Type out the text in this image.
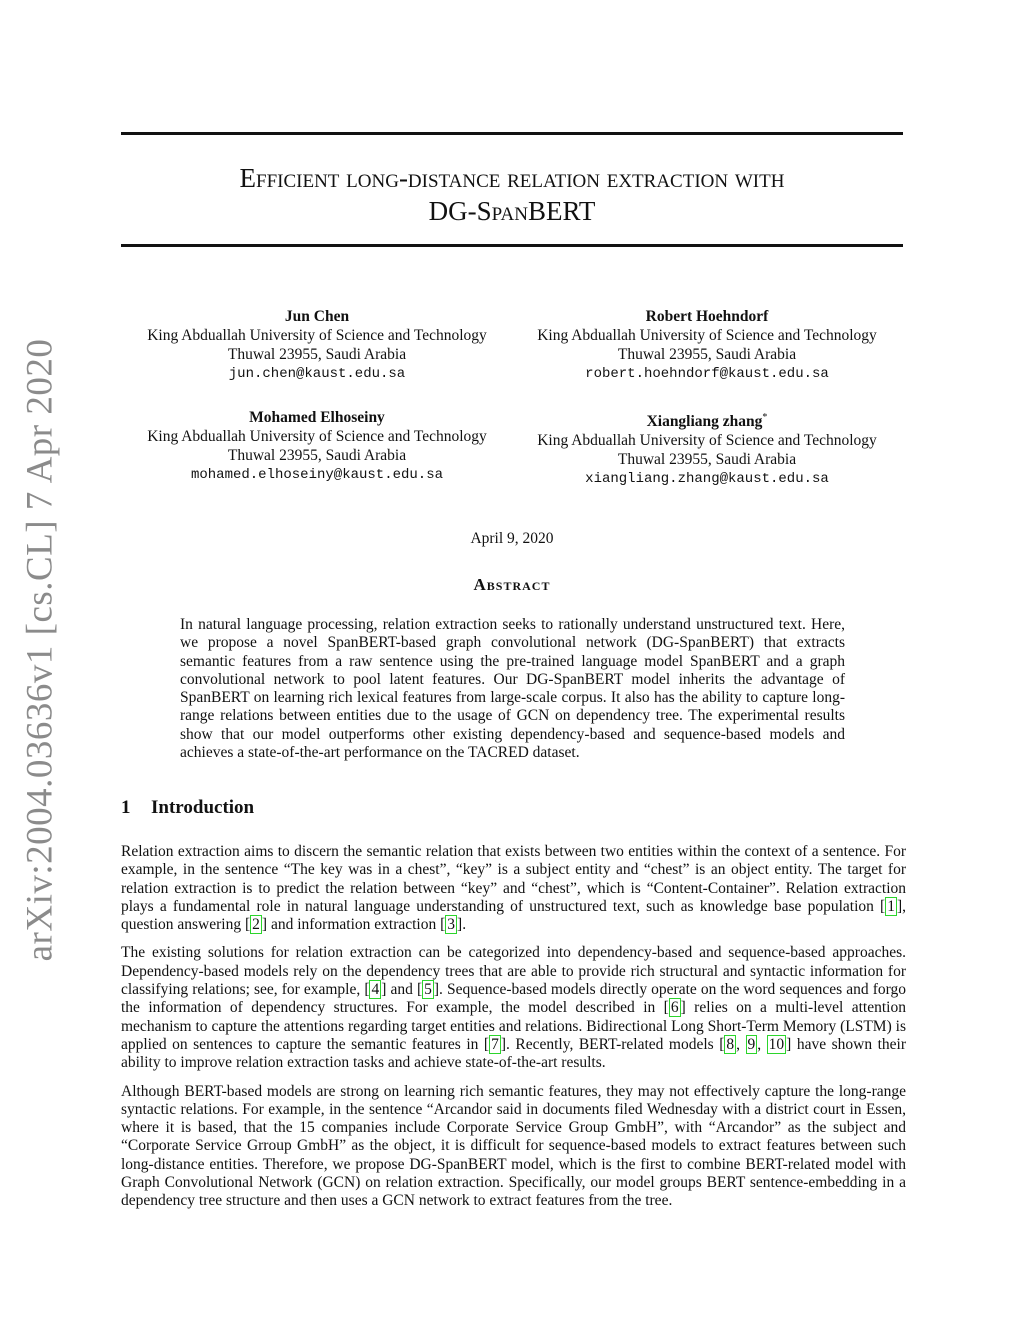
arXiv:2004.03636v1 [cs.CL] 7 Apr 2020
Efficient long-distance relation extraction with
DG-SpanBERT
Jun Chen
King Abduallah University of Science and Technology
Thuwal 23955, Saudi Arabia
jun.chen@kaust.edu.sa
Robert Hoehndorf
King Abduallah University of Science and Technology
Thuwal 23955, Saudi Arabia
robert.hoehndorf@kaust.edu.sa
Mohamed Elhoseiny
King Abduallah University of Science and Technology
Thuwal 23955, Saudi Arabia
mohamed.elhoseiny@kaust.edu.sa
Xiangliang zhang*
King Abduallah University of Science and Technology
Thuwal 23955, Saudi Arabia
xiangliang.zhang@kaust.edu.sa
April 9, 2020
Abstract
In natural language processing, relation extraction seeks to rationally understand unstructured text. Here, we propose a novel SpanBERT-based graph convolutional network (DG-SpanBERT) that extracts semantic features from a raw sentence using the pre-trained language model SpanBERT and a graph convolutional network to pool latent features. Our DG-SpanBERT model inherits the advantage of SpanBERT on learning rich lexical features from large-scale corpus. It also has the ability to capture long-range relations between entities due to the usage of GCN on dependency tree. The experimental results show that our model outperforms other existing dependency-based and sequence-based models and achieves a state-of-the-art performance on the TACRED dataset.
1 Introduction

Relation extraction aims to discern the semantic relation that exists between two entities within the context of a sentence. For example, in the sentence “The key was in a chest”, “key” is a subject entity and “chest” is an object entity. The target for relation extraction is to predict the relation between “key” and “chest”, which is “Content-Container”. Relation extraction plays a fundamental role in natural language understanding of unstructured text, such as knowledge base population [ 1 ], question answering [ 2 ] and information extraction [ 3 ].

The existing solutions for relation extraction can be categorized into dependency-based and sequence-based approaches. Dependency-based models rely on the dependency trees that are able to provide rich structural and syntactic information for classifying relations; see, for example, [ 4 ] and [ 5 ]. Sequence-based models directly operate on the word sequences and forgo the information of dependency structures. For example, the model described in [ 6 ] relies on a multi-level attention mechanism to capture the attentions regarding target entities and relations. Bidirectional Long Short-Term Memory (LSTM) is applied on sentences to capture the semantic features in [ 7 ]. Recently, BERT-related models [ 8 , 9 , 10 ] have shown their ability to improve relation extraction tasks and achieve state-of-the-art results.

Although BERT-based models are strong on learning rich semantic features, they may not effectively capture the long-range syntactic relations. For example, in the sentence “Arcandor said in documents filed Wednesday with a district court in Essen, where it is based, that the 15 companies include Corporate Service Group GmbH”, with “Arcandor” as the subject and “Corporate Service Grroup GmbH” as the object, it is difficult for sequence-based models to extract features between such long-distance entities. Therefore, we propose DG-SpanBERT model, which is the first to combine BERT-related model with Graph Convolutional Network (GCN) on relation extraction. Specifically, our model groups BERT sentence-embedding in a dependency tree structure and then uses a GCN network to extract features from the tree.
